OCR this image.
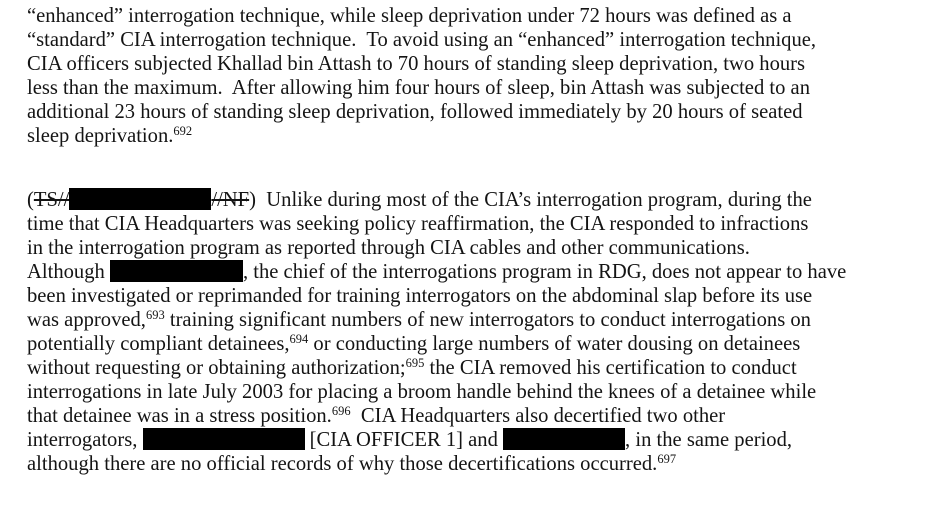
“enhanced” interrogation technique, while sleep deprivation under 72 hours was defined as a
“standard” CIA interrogation technique.  To avoid using an “enhanced” interrogation technique,
CIA officers subjected Khallad bin Attash to 70 hours of standing sleep deprivation, two hours
less than the maximum.  After allowing him four hours of sleep, bin Attash was subjected to an
additional 23 hours of standing sleep deprivation, followed immediately by 20 hours of seated
sleep deprivation.$^{692}$
(TS//	//NF)  Unlike during most of the CIA’s interrogation program, during the
time that CIA Headquarters was seeking policy reaffirmation, the CIA responded to infractions
in the interrogation program as reported through CIA cables and other communications.
Although	, the chief of the interrogations program in RDG, does not appear to have
been investigated or reprimanded for training interrogators on the abdominal slap before its use
was approved,$^{693}$ training significant numbers of new interrogators to conduct interrogations on
potentially compliant detainees,$^{694}$ or conducting large numbers of water dousing on detainees
without requesting or obtaining authorization;$^{695}$ the CIA removed his certification to conduct
interrogations in late July 2003 for placing a broom handle behind the knees of a detainee while
that detainee was in a stress position.$^{696}$  CIA Headquarters also decertified two other
interrogators,	[CIA OFFICER 1] and	, in the same period,
although there are no official records of why those decertifications occurred.$^{697}$
